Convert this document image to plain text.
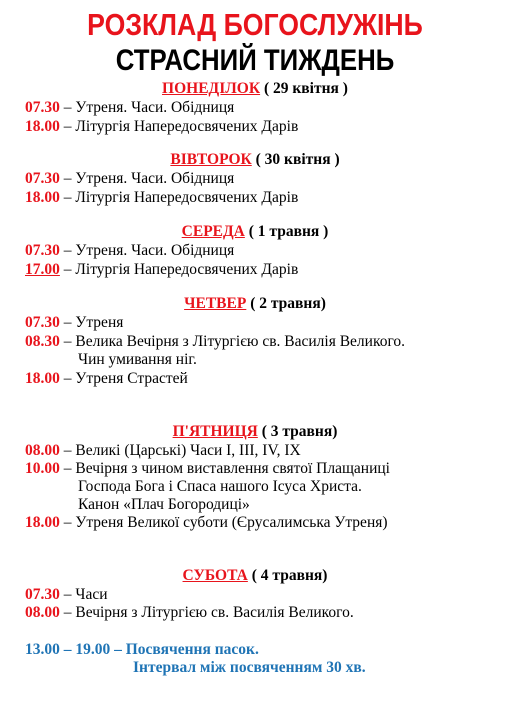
РОЗКЛАД БОГОСЛУЖІНЬ
СТРАСНИЙ ТИЖДЕНЬ
ПОНЕДІЛОК ( 29 квітня )
07.30 – Утреня. Часи. Обідниця
18.00 – Літургія Напередосвячених Дарів
ВІВТОРОК ( 30 квітня )
07.30 – Утреня. Часи. Обідниця
18.00 – Літургія Напередосвячених Дарів
СЕРЕДА ( 1 травня )
07.30 – Утреня. Часи. Обідниця
17.00 – Літургія Напередосвячених Дарів
ЧЕТВЕР ( 2 травня)
07.30 – Утреня
08.30 – Велика Вечірня з Літургією св. Василія Великого.
Чин умивання ніг.
18.00 – Утреня Страстей
П'ЯТНИЦЯ ( 3 травня)
08.00 – Великі (Царські) Часи І, ІІІ, IV, IX
10.00 – Вечірня з чином виставлення святої Плащаниці
Господа Бога і Спаса нашого Ісуса Христа.
Канон «Плач Богородиці»
18.00 – Утреня Великої суботи (Єрусалимська Утреня)
СУБОТА ( 4 травня)
07.30 – Часи
08.00 – Вечірня з Літургією св. Василія Великого.
13.00 – 19.00 – Посвячення пасок.
Інтервал між посвяченням 30 хв.
